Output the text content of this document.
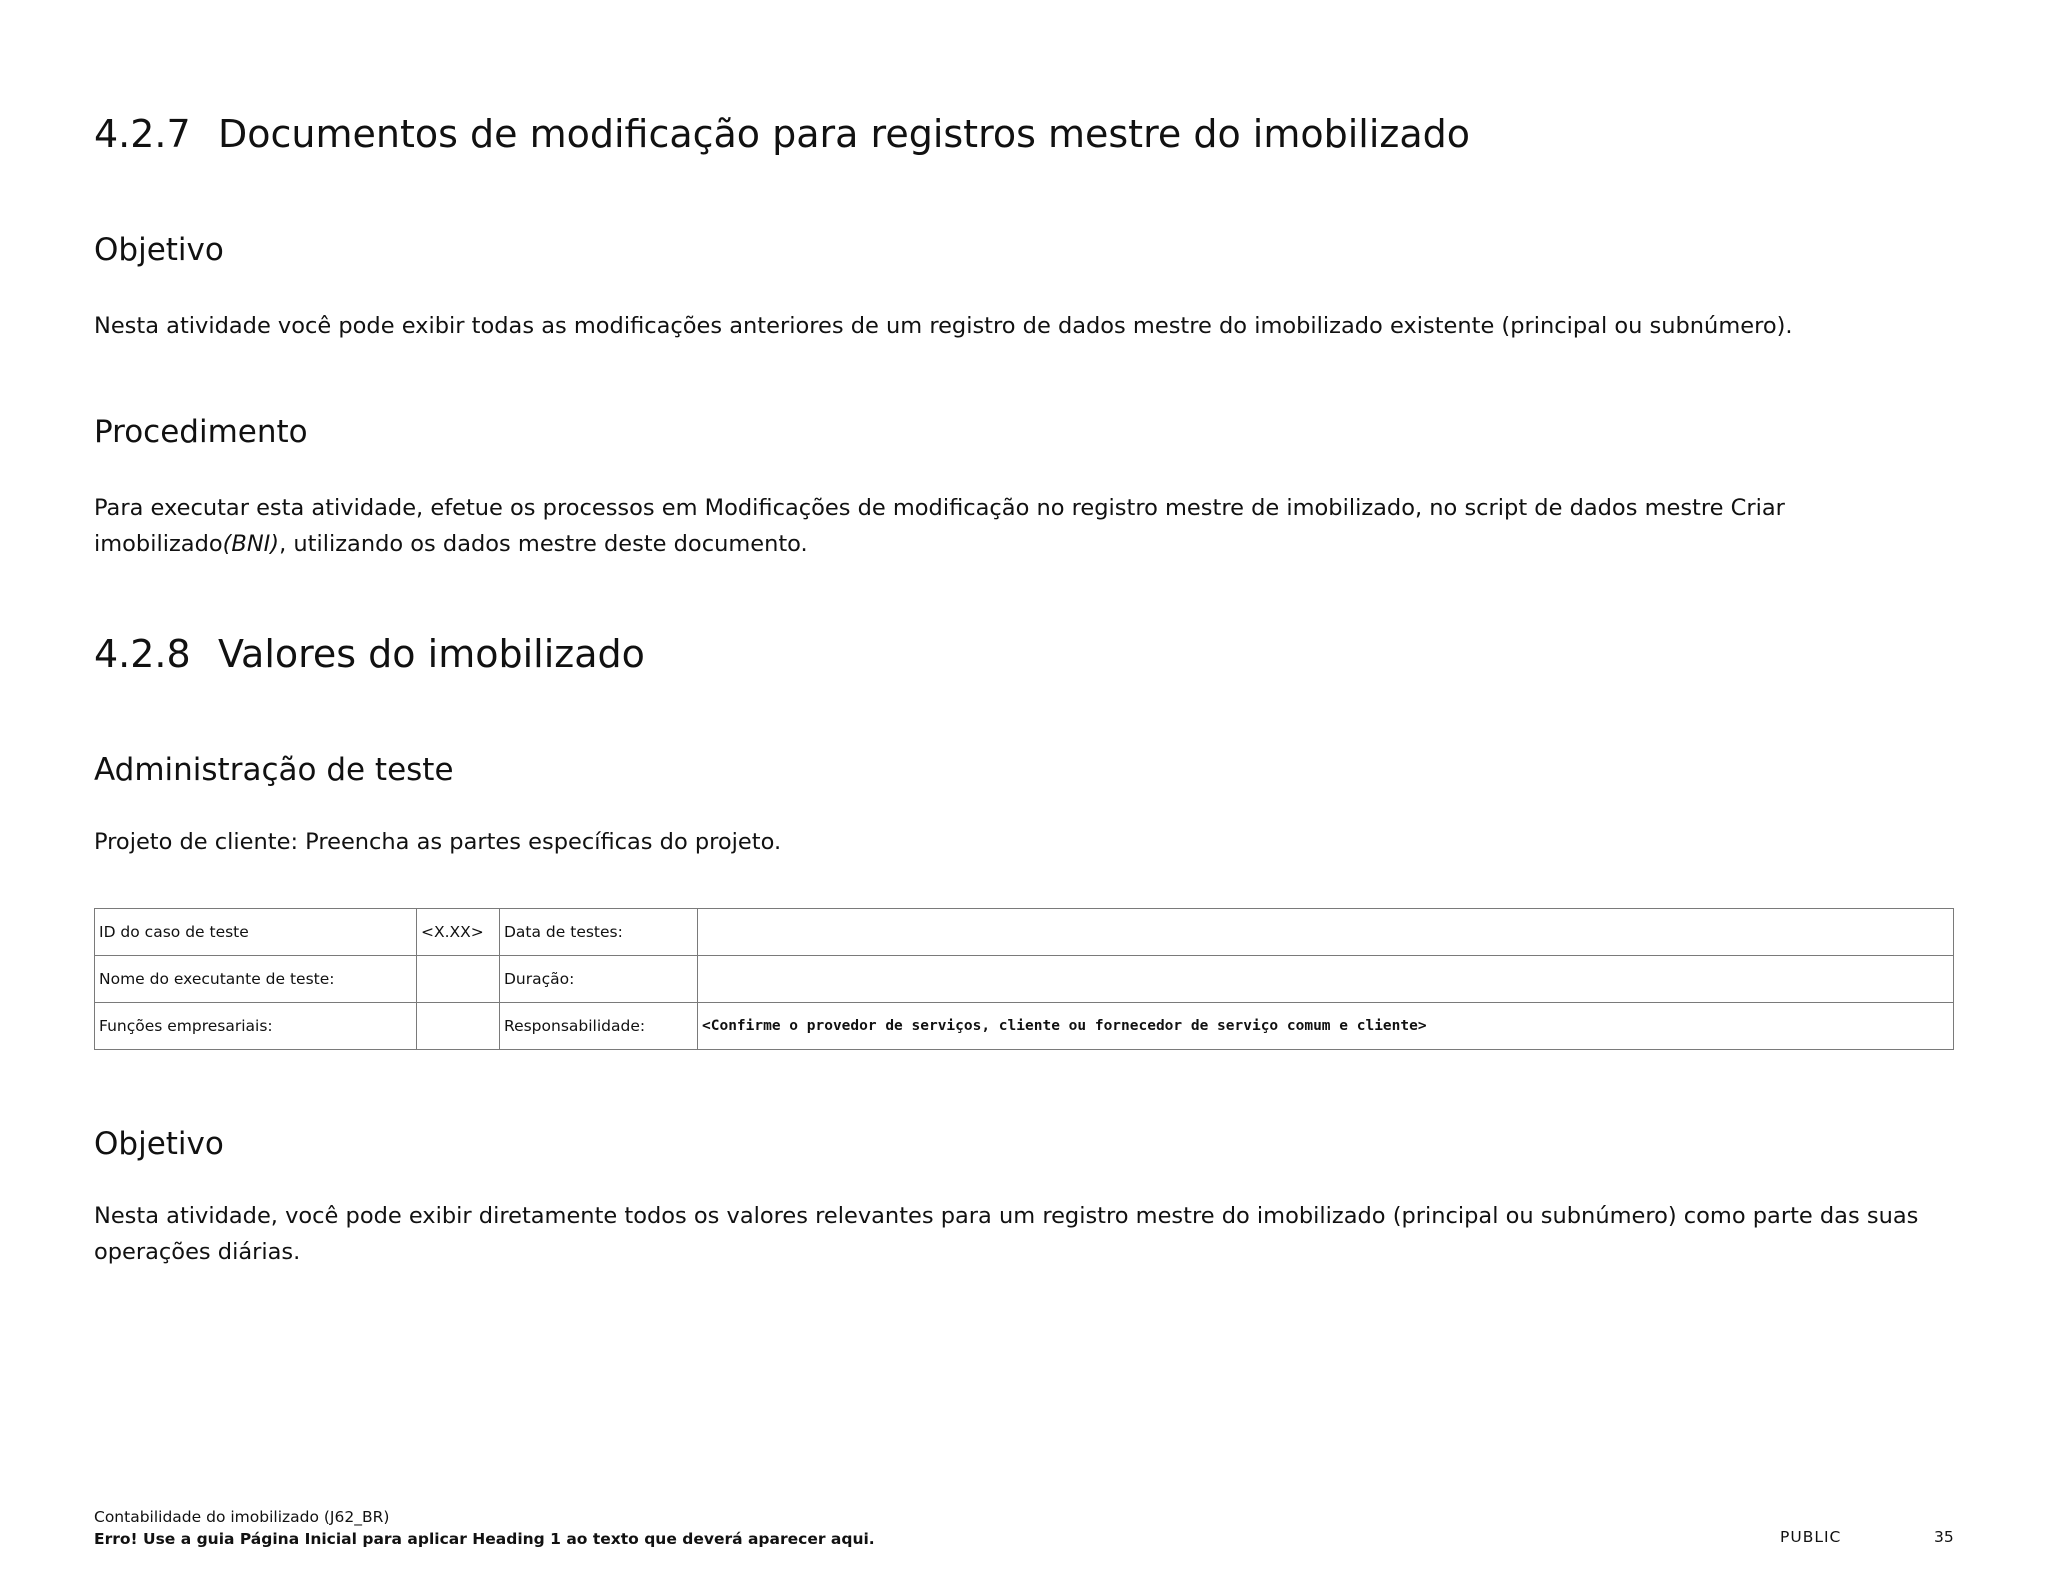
4.2.7 Documentos de modificação para registros mestre do imobilizado
Objetivo

Nesta atividade você pode exibir todas as modificações anteriores de um registro de dados mestre do imobilizado existente (principal ou subnúmero).

Procedimento

Para executar esta atividade, efetue os processos em Modificações de modificação no registro mestre de imobilizado, no script de dados mestre Criar imobilizado(BNI), utilizando os dados mestre deste documento.

4.2.8 Valores do imobilizado
Administração de teste

Projeto de cliente: Preencha as partes específicas do projeto.

ID do caso de teste	<X.XX>	Data de testes:	
Nome do executante de teste:		Duração:	
Funções empresariais:		Responsabilidade:	<Confirme o provedor de serviços, cliente ou fornecedor de serviço comum e cliente>
Objetivo

Nesta atividade, você pode exibir diretamente todos os valores relevantes para um registro mestre do imobilizado (principal ou subnúmero) como parte das suas operações diárias.

Contabilidade do imobilizado (J62_BR)
Erro! Use a guia Página Inicial para aplicar Heading 1 ao texto que deverá aparecer aqui.	PUBLIC	35
